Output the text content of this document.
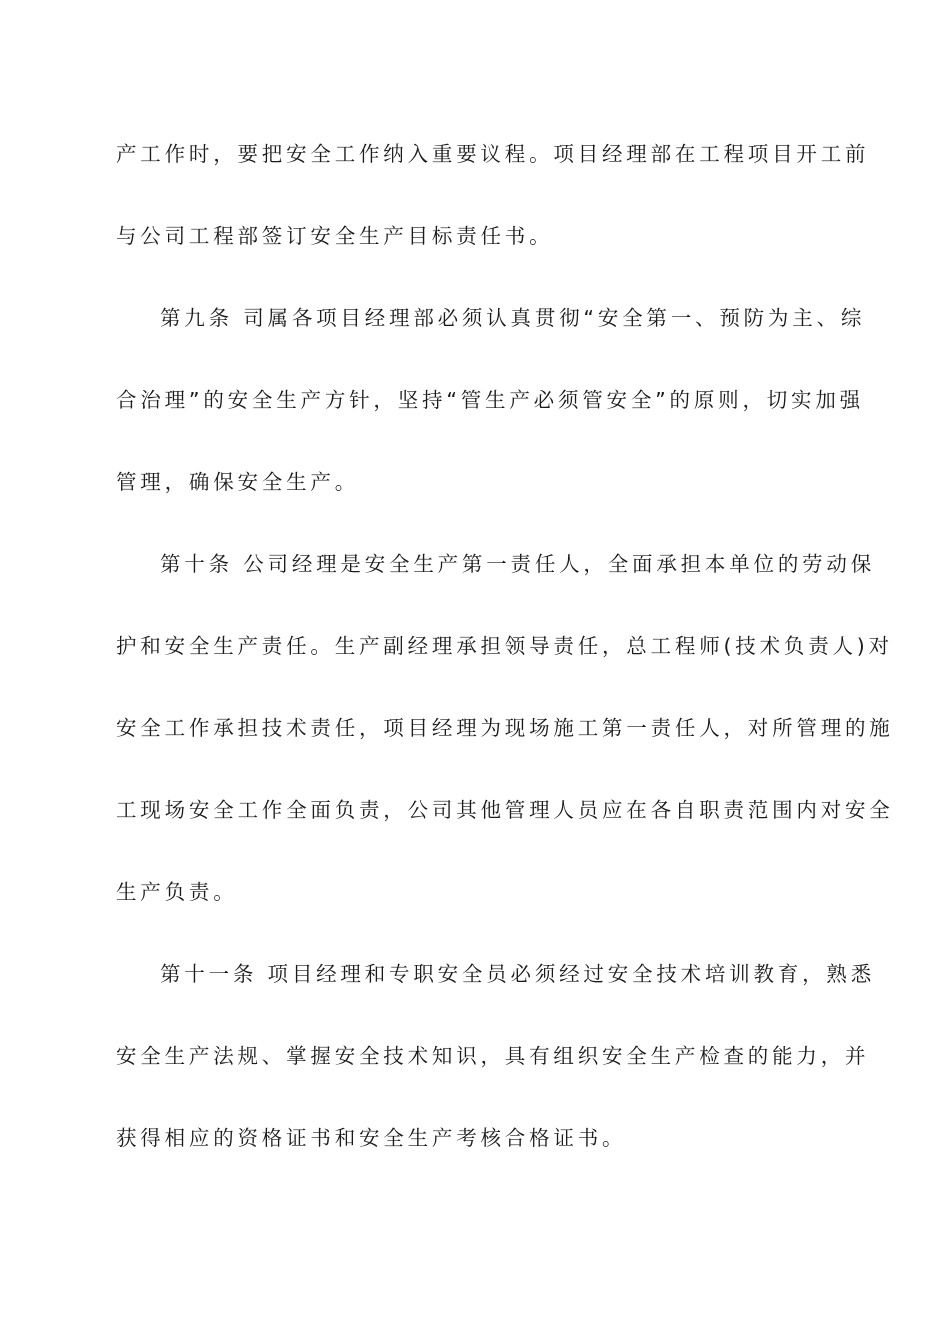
产工作时，要把安全工作纳入重要议程。项目经理部在工程项目开工前
与公司工程部签订安全生产目标责任书。
第九条 司属各项目经理部必须认真贯彻“安全第一、预防为主、综
合治理”的安全生产方针，坚持“管生产必须管安全”的原则，切实加强
管理，确保安全生产。
第十条 公司经理是安全生产第一责任人，全面承担本单位的劳动保
护和安全生产责任。生产副经理承担领导责任，总工程师(技术负责人)对
安全工作承担技术责任，项目经理为现场施工第一责任人，对所管理的施
工现场安全工作全面负责，公司其他管理人员应在各自职责范围内对安全
生产负责。
第十一条 项目经理和专职安全员必须经过安全技术培训教育，熟悉
安全生产法规、掌握安全技术知识，具有组织安全生产检查的能力，并
获得相应的资格证书和安全生产考核合格证书。
